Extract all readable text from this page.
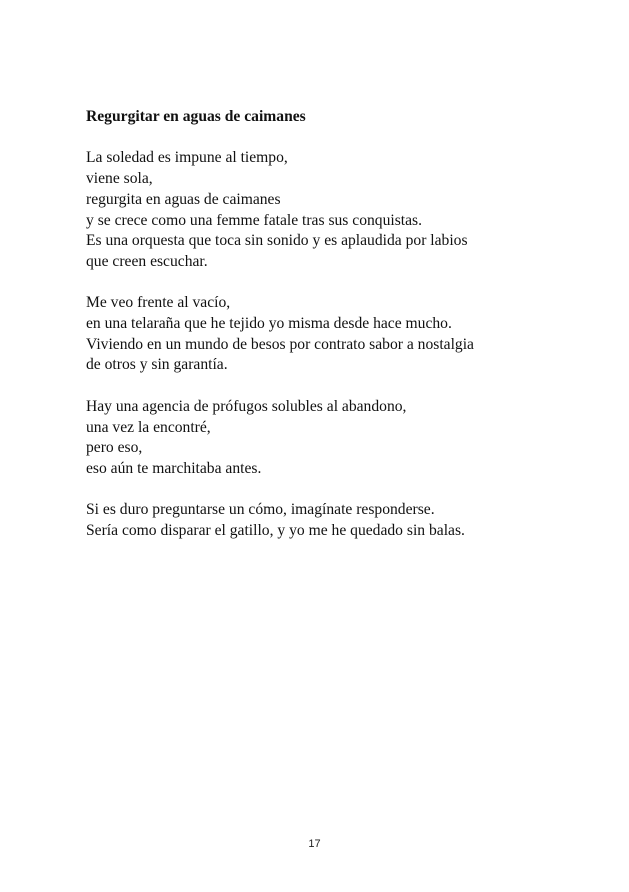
Regurgitar en aguas de caimanes
La soledad es impune al tiempo,
viene sola,
regurgita en aguas de caimanes
y se crece como una femme fatale tras sus conquistas.
Es una orquesta que toca sin sonido y es aplaudida por labios
que creen escuchar.
Me veo frente al vacío,
en una telaraña que he tejido yo misma desde hace mucho.
Viviendo en un mundo de besos por contrato sabor a nostalgia
de otros y sin garantía.
Hay una agencia de prófugos solubles al abandono,
una vez la encontré,
pero eso,
eso aún te marchitaba antes.
Si es duro preguntarse un cómo, imagínate responderse.
Sería como disparar el gatillo, y yo me he quedado sin balas.
17
